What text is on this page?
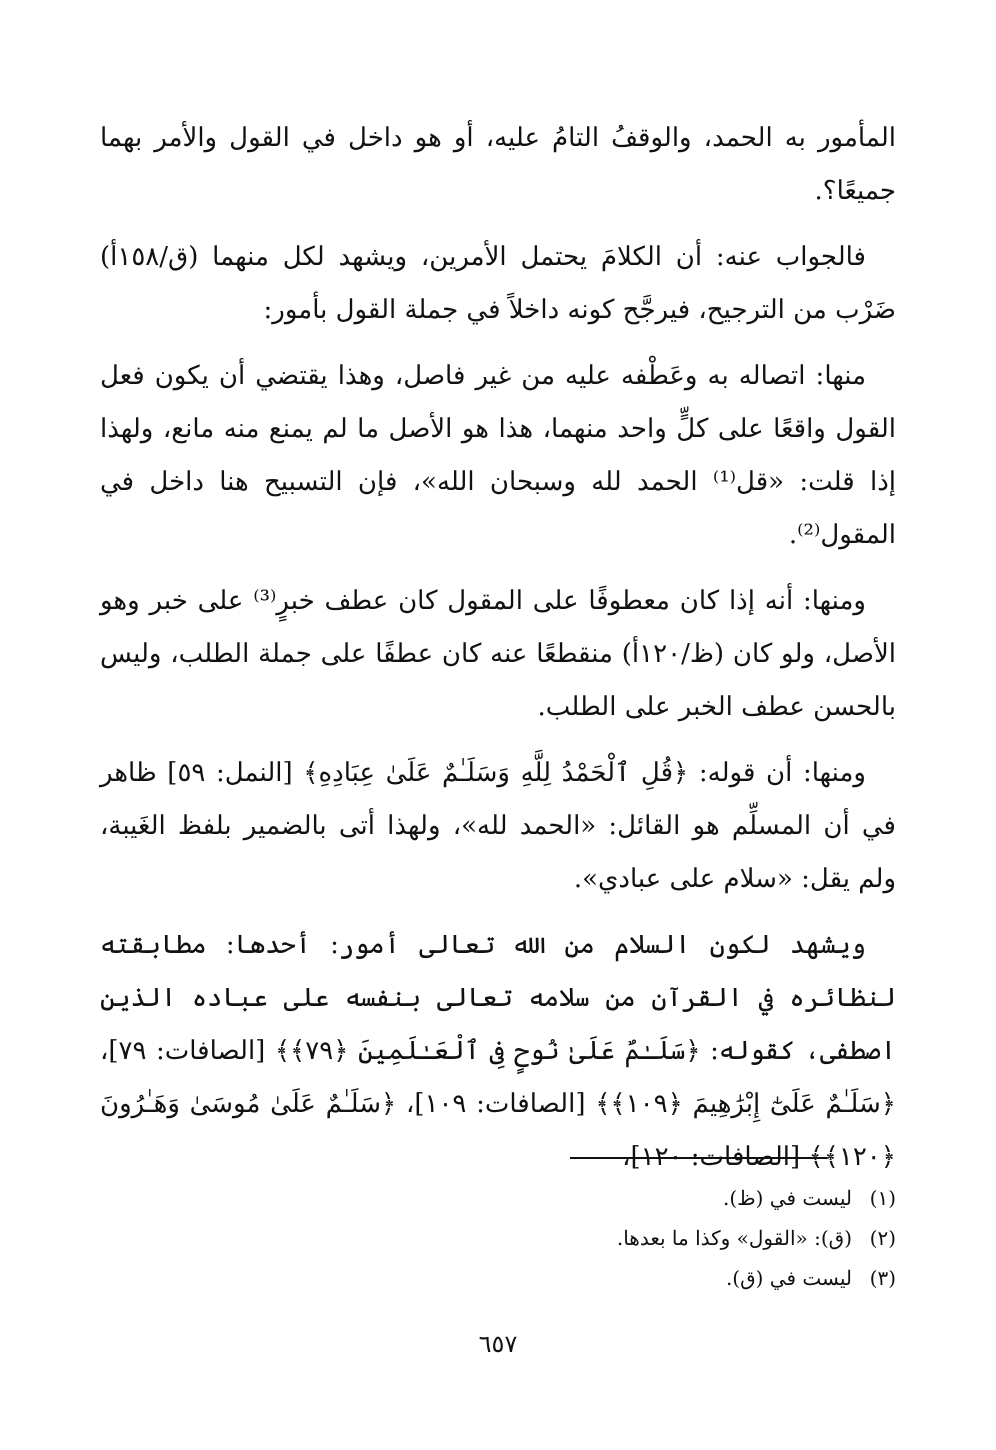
المأمور به الحمد، والوقفُ التامُ عليه، أو هو داخل في القول والأمر بهما جميعًا؟.

فالجواب عنه: أن الكلامَ يحتمل الأمرين، ويشهد لكل منهما (ق/١٥٨أ) ضَرْب من الترجيح، فيرجَّح كونه داخلاً في جملة القول بأمور:

منها: اتصاله به وعَطْفه عليه من غير فاصل، وهذا يقتضي أن يكون فعل القول واقعًا على كلٍّ واحد منهما، هذا هو الأصل ما لم يمنع منه مانع، ولهذا إذا قلت: «قل⁽¹⁾ الحمد لله وسبحان الله»، فإن التسبيح هنا داخل في المقول⁽²⁾.

ومنها: أنه إذا كان معطوفًا على المقول كان عطف خبرٍ⁽³⁾ على خبر وهو الأصل، ولو كان (ظ/١٢٠أ) منقطعًا عنه كان عطفًا على جملة الطلب، وليس بالحسن عطف الخبر على الطلب.

ومنها: أن قوله: ﴿قُلِ ٱلْحَمْدُ لِلَّهِ وَسَلَـٰمٌ عَلَىٰ عِبَادِهِ﴾ [النمل: ٥٩] ظاهر في أن المسلِّم هو القائل: «الحمد لله»، ولهذا أتى بالضمير بلفظ الغَيبة، ولم يقل: «سلام على عبادي».

ويشهد لكون السلام من الله تعالى أمور: أحدها: مطابقته لنظائره في القرآن من سلامه تعالى بنفسه على عباده الذين اصطفى، كقوله: ﴿سَلَـٰمٌ عَلَىٰ نُوحٍ فِى ٱلْعَـٰلَمِينَ ﴿٧٩﴾﴾ [الصافات: ٧٩]، ﴿سَلَـٰمٌ عَلَىٰٓ إِبْرَٰهِيمَ ﴿١٠٩﴾﴾ [الصافات: ١٠٩]، ﴿سَلَـٰمٌ عَلَىٰ مُوسَىٰ وَهَـٰرُونَ ﴿١٢٠﴾﴾ [الصافات: ١٢٠]،

(١)
ليست في (ظ).
(٢)
(ق): «القول» وكذا ما بعدها.
(٣)
ليست في (ق).
٦٥٧
